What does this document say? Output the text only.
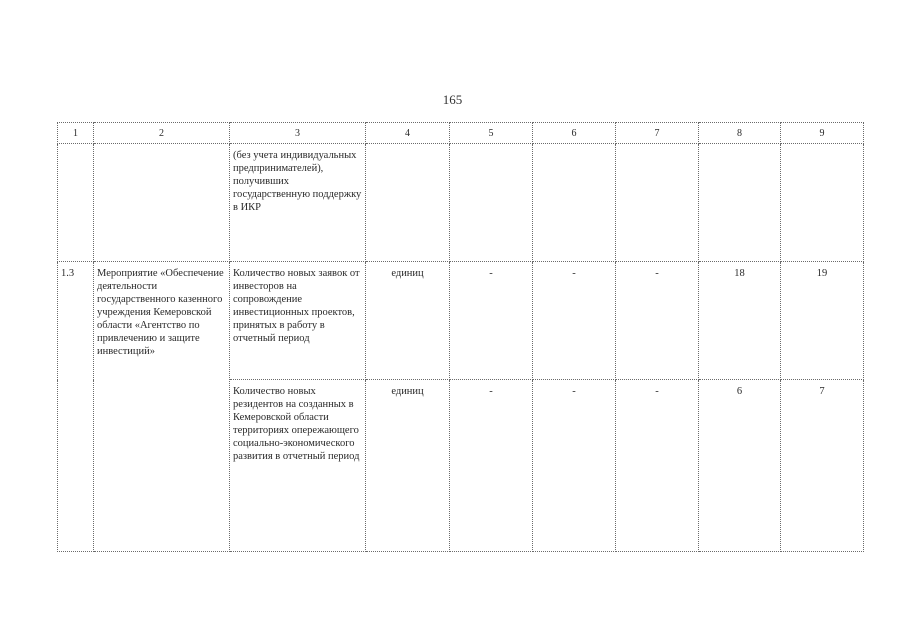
165
1	2	3	4	5	6	7	8	9
		(без учета индивидуальных предпринимателей), получивших государственную поддержку в ИКР						
1.3	Мероприятие «Обеспечение деятельности государственного казенного учреждения Кемеровской области «Агентство по привлечению и защите инвестиций»	Количество новых заявок от инвесторов на сопровождение инвестиционных проектов, принятых в работу в отчетный период	единиц	-	-	-	18	19
		Количество новых резидентов на созданных в Кемеровской области территориях опережающего социально-экономического развития в отчетный период	единиц	-	-	-	6	7
